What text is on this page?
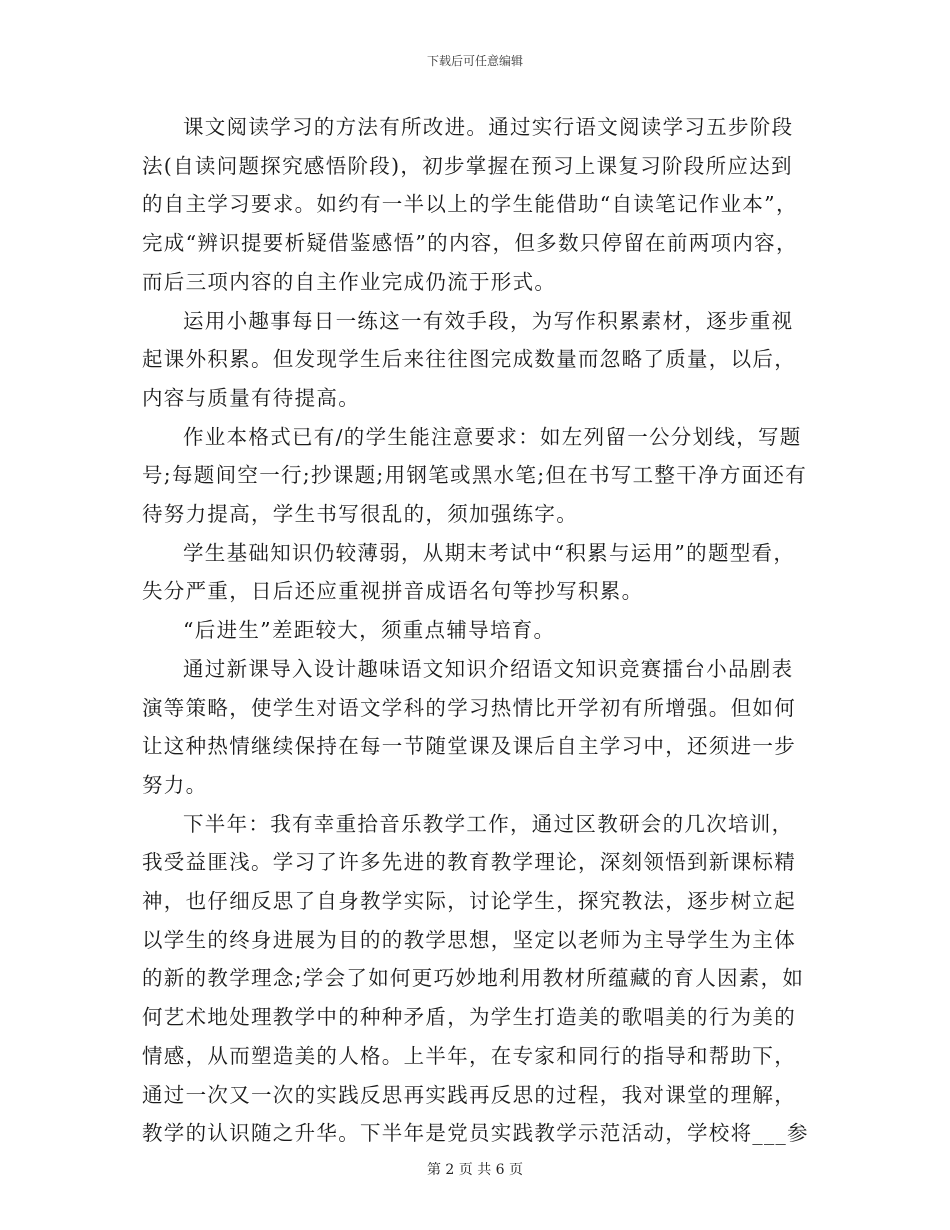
下载后可任意编辑

课文阅读学习的方法有所改进。通过实行语文阅读学习五步阶段法(自读问题探究感悟阶段)，初步掌握在预习上课复习阶段所应达到的自主学习要求。如约有一半以上的学生能借助“自读笔记作业本”，完成“辨识提要析疑借鉴感悟”的内容，但多数只停留在前两项内容，而后三项内容的自主作业完成仍流于形式。

运用小趣事每日一练这一有效手段，为写作积累素材，逐步重视起课外积累。但发现学生后来往往图完成数量而忽略了质量，以后，内容与质量有待提高。

作业本格式已有/的学生能注意要求：如左列留一公分划线，写题号;每题间空一行;抄课题;用钢笔或黑水笔;但在书写工整干净方面还有待努力提高，学生书写很乱的，须加强练字。

学生基础知识仍较薄弱，从期末考试中“积累与运用”的题型看，失分严重，日后还应重视拼音成语名句等抄写积累。

“后进生”差距较大，须重点辅导培育。

通过新课导入设计趣味语文知识介绍语文知识竞赛擂台小品剧表演等策略，使学生对语文学科的学习热情比开学初有所增强。但如何让这种热情继续保持在每一节随堂课及课后自主学习中，还须进一步努力。

下半年：我有幸重拾音乐教学工作，通过区教研会的几次培训，我受益匪浅。学习了许多先进的教育教学理论，深刻领悟到新课标精神，也仔细反思了自身教学实际，讨论学生，探究教法，逐步树立起以学生的终身进展为目的的教学思想，坚定以老师为主导学生为主体的新的教学理念;学会了如何更巧妙地利用教材所蕴藏的育人因素，如何艺术地处理教学中的种种矛盾，为学生打造美的歌唱美的行为美的情感，从而塑造美的人格。上半年，在专家和同行的指导和帮助下，通过一次又一次的实践反思再实践再反思的过程，我对课堂的理解，教学的认识随之升华。下半年是党员实践教学示范活动，学校将___参

第 2 页 共 6 页
